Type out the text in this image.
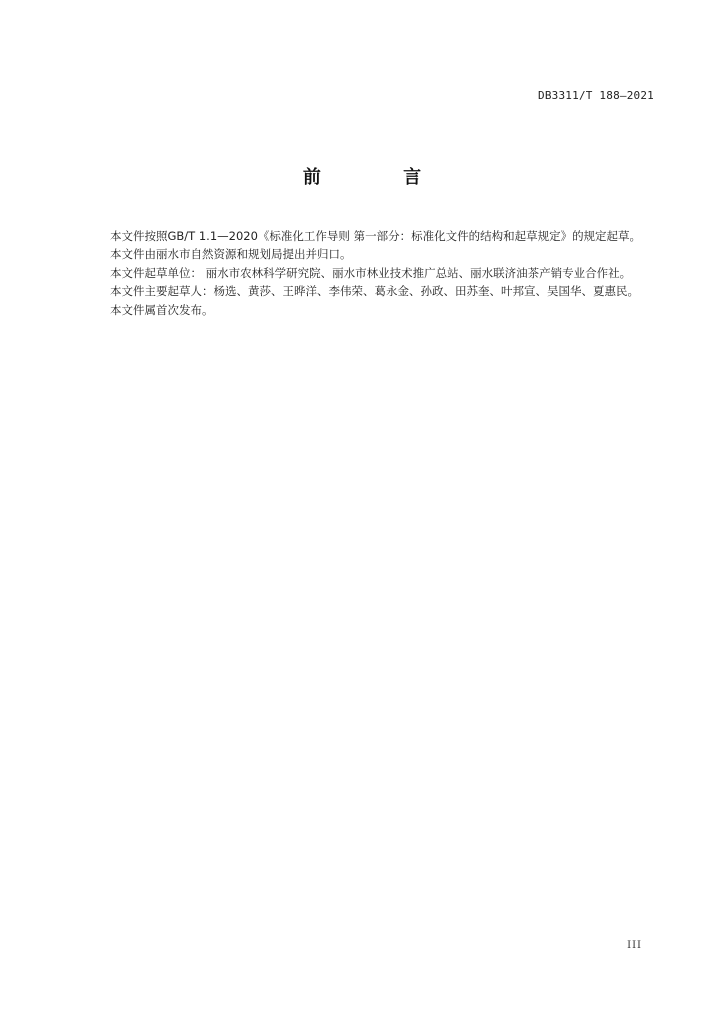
DB3311/T 188—2021
前 言

本文件按照GB/T 1.1—2020《标准化工作导则 第一部分：标准化文件的结构和起草规定》的规定起草。

本文件由丽水市自然资源和规划局提出并归口。

本文件起草单位： 丽水市农林科学研究院、丽水市林业技术推广总站、丽水联济油茶产销专业合作社。

本文件主要起草人：杨选、黄莎、王晔洋、李伟荣、葛永金、孙政、田苏奎、叶邦宣、吴国华、夏惠民。

本文件属首次发布。

III
